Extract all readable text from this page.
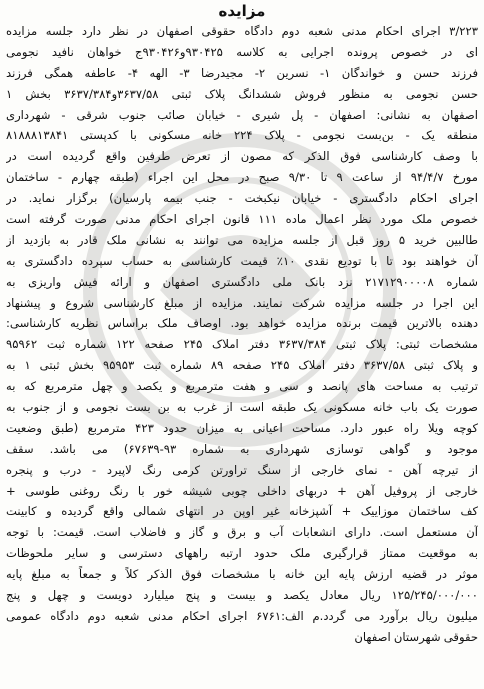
مزایده
۳/۲۲۳ اجرای احکام مدنی شعبه دوم دادگاه حقوقی اصفهان در نظر دارد جلسه مزایده
ای در خصوص پرونده اجرایی به کلاسه ۹۳۰۴۲۵و۹۳۰۴۲۶ج خواهان نافید نجومی
فرزند حسن و خواندگان ۱- نسرین ۲- مجیدرضا ۳- الهه ۴- عاطفه همگی فرزند
حسن نجومی به منظور فروش ششدانگ پلاک ثبتی ۳۶۳۷/۵۸و۳۶۳۷/۳۸۴ بخش ۱
اصفهان به نشانی: اصفهان - پل شیری - خیابان صائب جنوب شرقی - شهرداری
منطقه یک - بن‌بست نجومی - پلاک ۲۲۴ خانه مسکونی با کدپستی ۸۱۸۸۸۱۳۸۴۱
با وصف کارشناسی فوق الذکر که مصون از تعرض طرفین واقع گردیده است در
مورخ ۹۴/۴/۷ از ساعت ۹ تا ۹/۳۰ صبح در محل این اجراء (طبقه چهارم - ساختمان
اجرای احکام دادگستری - خیابان نیکبخت - جنب بیمه پارسیان) برگزار نماید. در
خصوص ملک مورد نظر اعمال ماده ۱۱۱ قانون اجرای احکام مدنی صورت گرفته است
طالبین خرید ۵ روز قبل از جلسه مزایده می توانند به نشانی ملک قادر به بازدید از
آن خواهند بود تا با تودیع نقدی ۱۰٪ قیمت کارشناسی به حساب سپرده دادگستری به
شماره ۲۱۷۱۲۹۰۰۰۰۸ نزد بانک ملی دادگستری اصفهان و ارائه فیش واریزی به
این اجرا در جلسه مزایده شرکت نمایند. مزایده از مبلغ کارشناسی شروع و پیشنهاد
دهنده بالاترین قیمت برنده مزایده خواهد بود. اوصاف ملک براساس نظریه کارشناسی:
مشخصات ثبتی: پلاک ثبتی ۳۶۳۷/۳۸۴ دفتر املاک ۲۴۵ صفحه ۱۲۲ شماره ثبت ۹۵۹۶۲
و پلاک ثبتی ۳۶۳۷/۵۸ دفتر املاک ۲۴۵ صفحه ۸۹ شماره ثبت ۹۵۹۵۳ بخش ثبتی ۱ به
ترتیب به مساحت های پانصد و سی و هفت مترمربع و یکصد و چهل مترمربع که به
صورت یک باب خانه مسکونی یک طبقه است از غرب به بن بست نجومی و از جنوب به
کوچه ویلا راه عبور دارد. مساحت اعیانی به میزان حدود ۴۲۳ مترمربع (طبق وضعیت
موجود و گواهی توسازی شهرداری به شماره ۹۳-۶۷۶۳۹) می باشد. سقف
از تیرچه آهن - نمای خارجی از سنگ تراورتن کرمی رنگ لاپیرد - درب و پنجره
خارجی از پروفیل آهن + دربهای داخلی چوبی شیشه خور با رنگ روغنی طوسی +
کف ساختمان موزاییک + آشپزخانه غیر اوپن در انتهای شمالی واقع گردیده و کابینت
آن مستعمل است. دارای انشعابات آب و برق و گاز و فاضلاب است. قیمت: با توجه
به موقعیت ممتاز قرارگیری ملک حدود ارتبه راههای دسترسی و سایر ملحوظات
موثر در قضیه ارزش پایه این خانه با مشخصات فوق الذکر کلاً و جمعاً به مبلغ پایه
۱۲۵/۲۴۵/۰۰۰/۰۰۰ ریال معادل یکصد و بیست و پنج میلیارد دویست و چهل و پنج
میلیون ریال برآورد می گردد.م الف:۶۷۶۱ اجرای احکام مدنی شعبه دوم دادگاه عمومی
حقوقی شهرستان اصفهان
